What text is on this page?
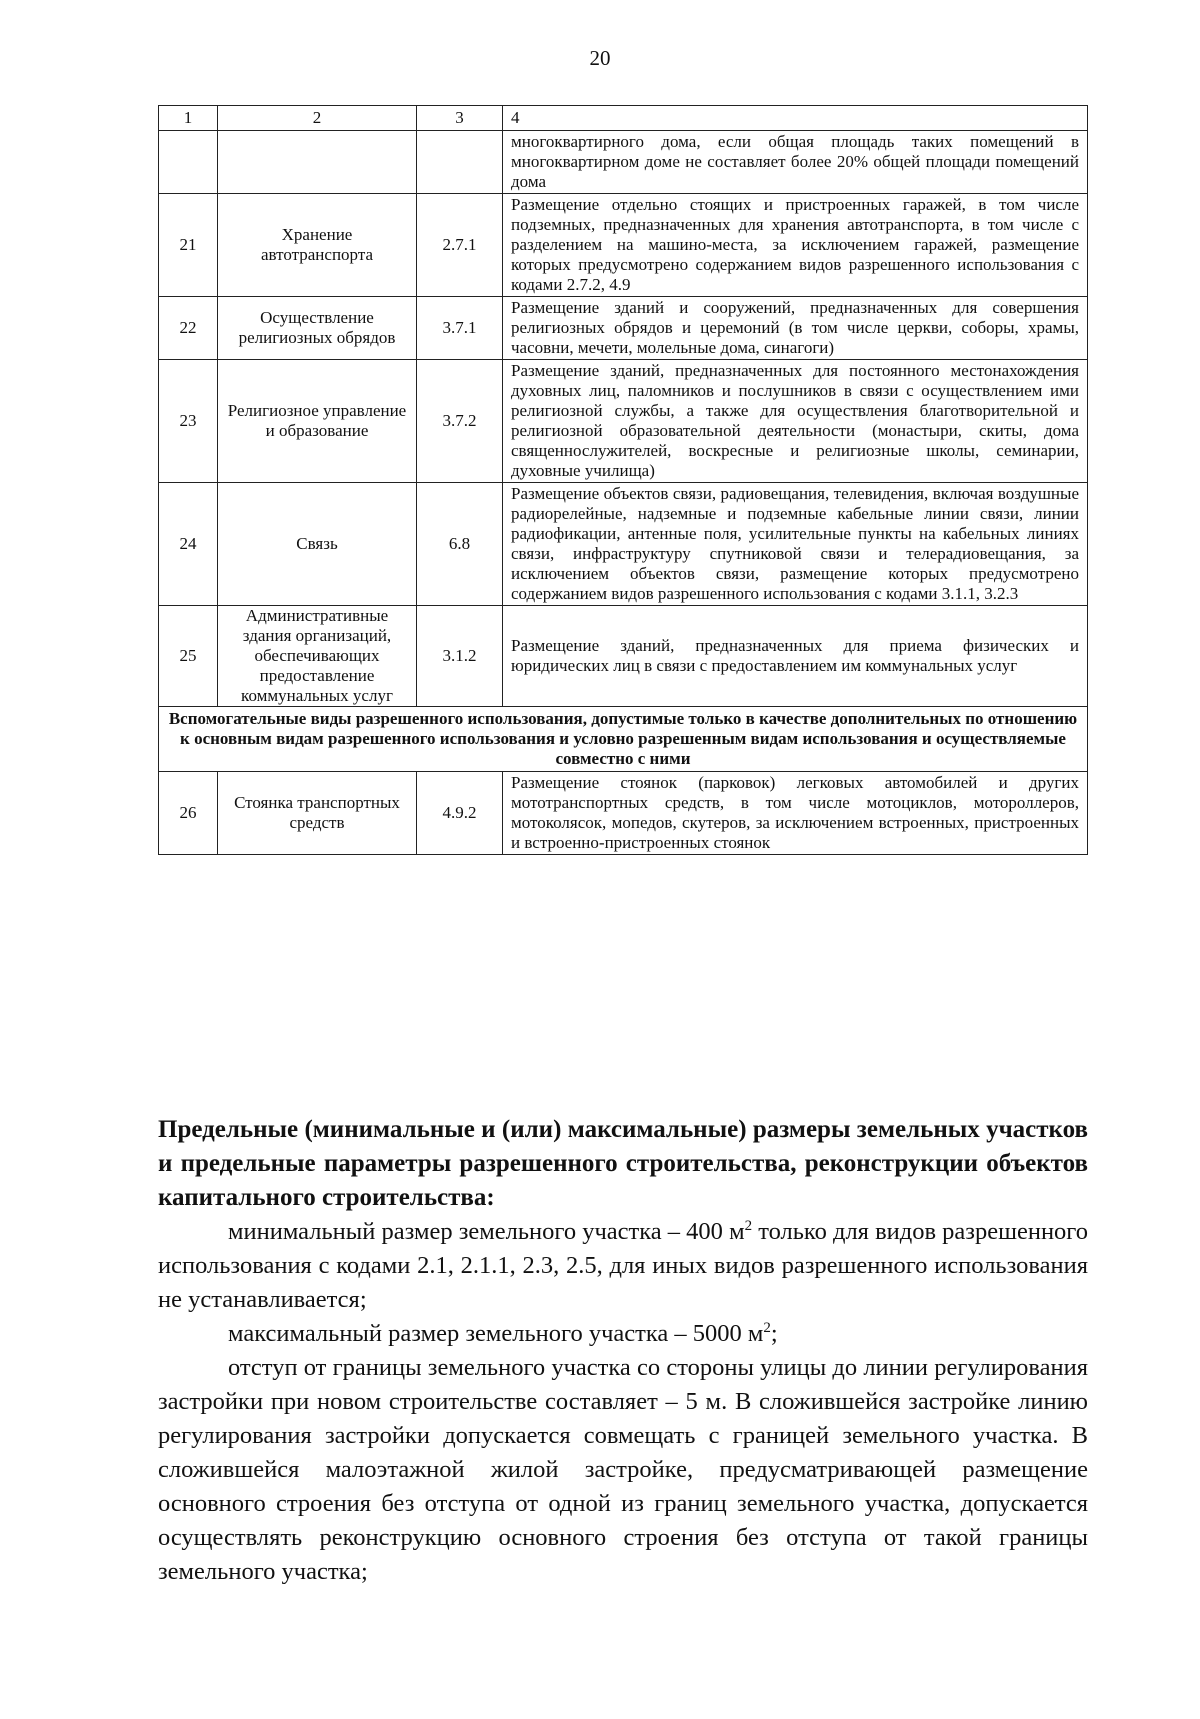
20
1	2	3	4
			многоквартирного дома, если общая площадь таких помещений в многоквартирном доме не составляет более 20% общей площади помещений дома
21	Хранение автотранспорта	2.7.1	Размещение отдельно стоящих и пристроенных гаражей, в том числе подземных, предназначенных для хранения автотранспорта, в том числе с разделением на машино-места, за исключением гаражей, размещение которых предусмотрено содержанием видов разрешенного использования с кодами 2.7.2, 4.9
22	Осуществление религиозных обрядов	3.7.1	Размещение зданий и сооружений, предназначенных для совершения религиозных обрядов и церемоний (в том числе церкви, соборы, храмы, часовни, мечети, молельные дома, синагоги)
23	Религиозное управление и образование	3.7.2	Размещение зданий, предназначенных для постоянного местонахождения духовных лиц, паломников и послушников в связи с осуществлением ими религиозной службы, а также для осуществления благотворительной и религиозной образовательной деятельности (монастыри, скиты, дома священнослужителей, воскресные и религиозные школы, семинарии, духовные училища)
24	Связь	6.8	Размещение объектов связи, радиовещания, телевидения, включая воздушные радиорелейные, надземные и подземные кабельные линии связи, линии радиофикации, антенные поля, усилительные пункты на кабельных линиях связи, инфраструктуру спутниковой связи и телерадиовещания, за исключением объектов связи, размещение которых предусмотрено содержанием видов разрешенного использования с кодами 3.1.1, 3.2.3
25	Административные здания организаций, обеспечивающих предоставление коммунальных услуг	3.1.2	Размещение зданий, предназначенных для приема физических и юридических лиц в связи с предоставлением им коммунальных услуг
Вспомогательные виды разрешенного использования, допустимые только в качестве дополнительных по отношению к основным видам разрешенного использования и условно разрешенным видам использования и осуществляемые совместно с ними			
26	Стоянка транспортных средств	4.9.2	Размещение стоянок (парковок) легковых автомобилей и других мототранспортных средств, в том числе мотоциклов, мотороллеров, мотоколясок, мопедов, скутеров, за исключением встроенных, пристроенных и встроенно-пристроенных стоянок
Предельные (минимальные и (или) максимальные) размеры земельных участков и предельные параметры разрешенного строительства, реконструкции объектов капитального строительства:

минимальный размер земельного участка – 400 $м^2$ только для видов разрешенного использования с кодами 2.1, 2.1.1, 2.3, 2.5, для иных видов разрешенного использования не устанавливается;

максимальный размер земельного участка – 5000 $м^2$;

отступ от границы земельного участка со стороны улицы до линии регулирования застройки при новом строительстве составляет – 5 м. В сложившейся застройке линию регулирования застройки допускается совмещать с границей земельного участка. В сложившейся малоэтажной жилой застройке, предусматривающей размещение основного строения без отступа от одной из границ земельного участка, допускается осуществлять реконструкцию основного строения без отступа от такой границы земельного участка;
